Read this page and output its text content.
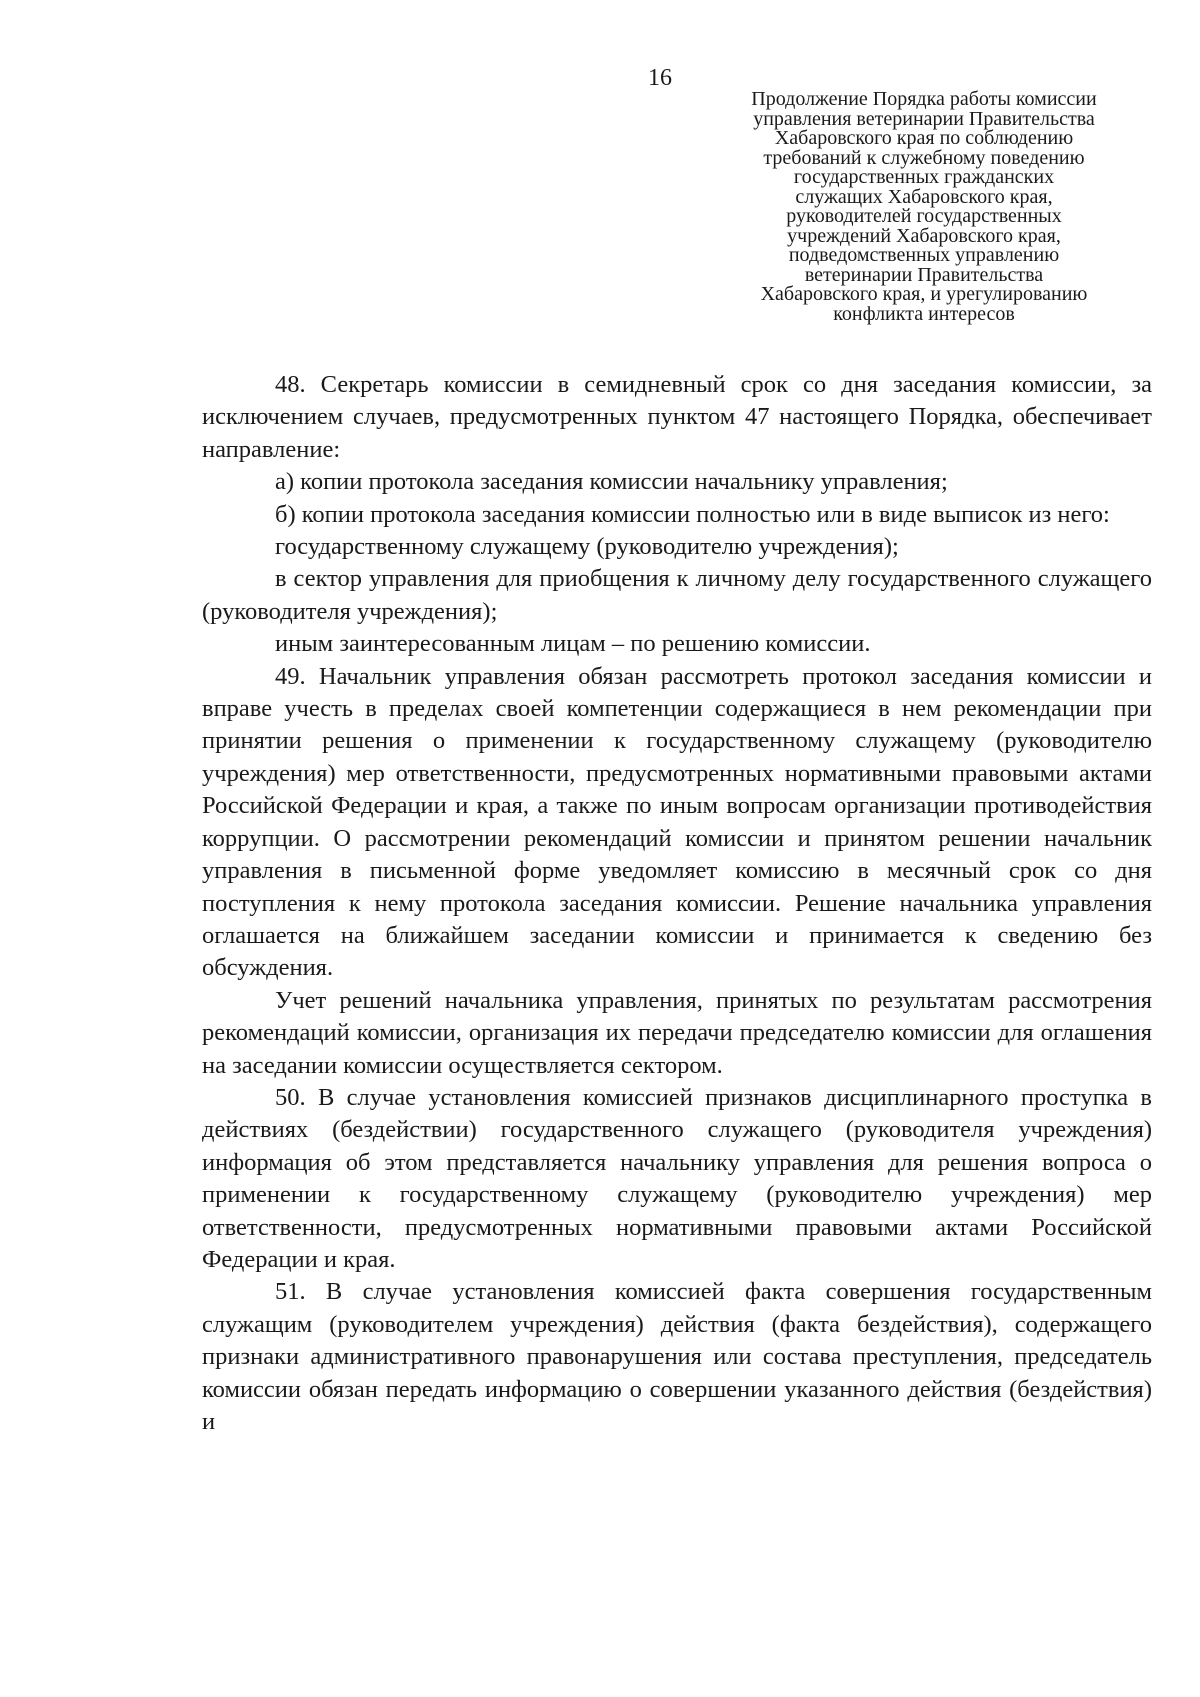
16
Продолжение Порядка работы комиссии
управления ветеринарии Правительства
Хабаровского края по соблюдению
требований к служебному поведению
государственных гражданских
служащих Хабаровского края,
руководителей государственных
учреждений Хабаровского края,
подведомственных управлению
ветеринарии Правительства
Хабаровского края, и урегулированию
конфликта интересов

48. Секретарь комиссии в семидневный срок со дня заседания комиссии, за исключением случаев, предусмотренных пунктом 47 настоящего Порядка, обеспечивает направление:

а) копии протокола заседания комиссии начальнику управления;

б) копии протокола заседания комиссии полностью или в виде выписок из него:

государственному служащему (руководителю учреждения);

в сектор управления для приобщения к личному делу государственного служащего (руководителя учреждения);

иным заинтересованным лицам – по решению комиссии.

49. Начальник управления обязан рассмотреть протокол заседания комиссии и вправе учесть в пределах своей компетенции содержащиеся в нем рекомендации при принятии решения о применении к государственному служащему (руководителю учреждения) мер ответственности, предусмотренных нормативными правовыми актами Российской Федерации и края, а также по иным вопросам организации противодействия коррупции. О рассмотрении рекомендаций комиссии и принятом решении начальник управления в письменной форме уведомляет комиссию в месячный срок со дня поступления к нему протокола заседания комиссии. Решение начальника управления оглашается на ближайшем заседании комиссии и принимается к сведению без обсуждения.

Учет решений начальника управления, принятых по результатам рассмотрения рекомендаций комиссии, организация их передачи председателю комиссии для оглашения на заседании комиссии осуществляется сектором.

50. В случае установления комиссией признаков дисциплинарного проступка в действиях (бездействии) государственного служащего (руководителя учреждения) информация об этом представляется начальнику управления для решения вопроса о применении к государственному служащему (руководителю учреждения) мер ответственности, предусмотренных нормативными правовыми актами Российской Федерации и края.

51. В случае установления комиссией факта совершения государственным служащим (руководителем учреждения) действия (факта бездействия), содержащего признаки административного правонарушения или состава преступления, председатель комиссии обязан передать информацию о совершении указанного действия (бездействия) и
